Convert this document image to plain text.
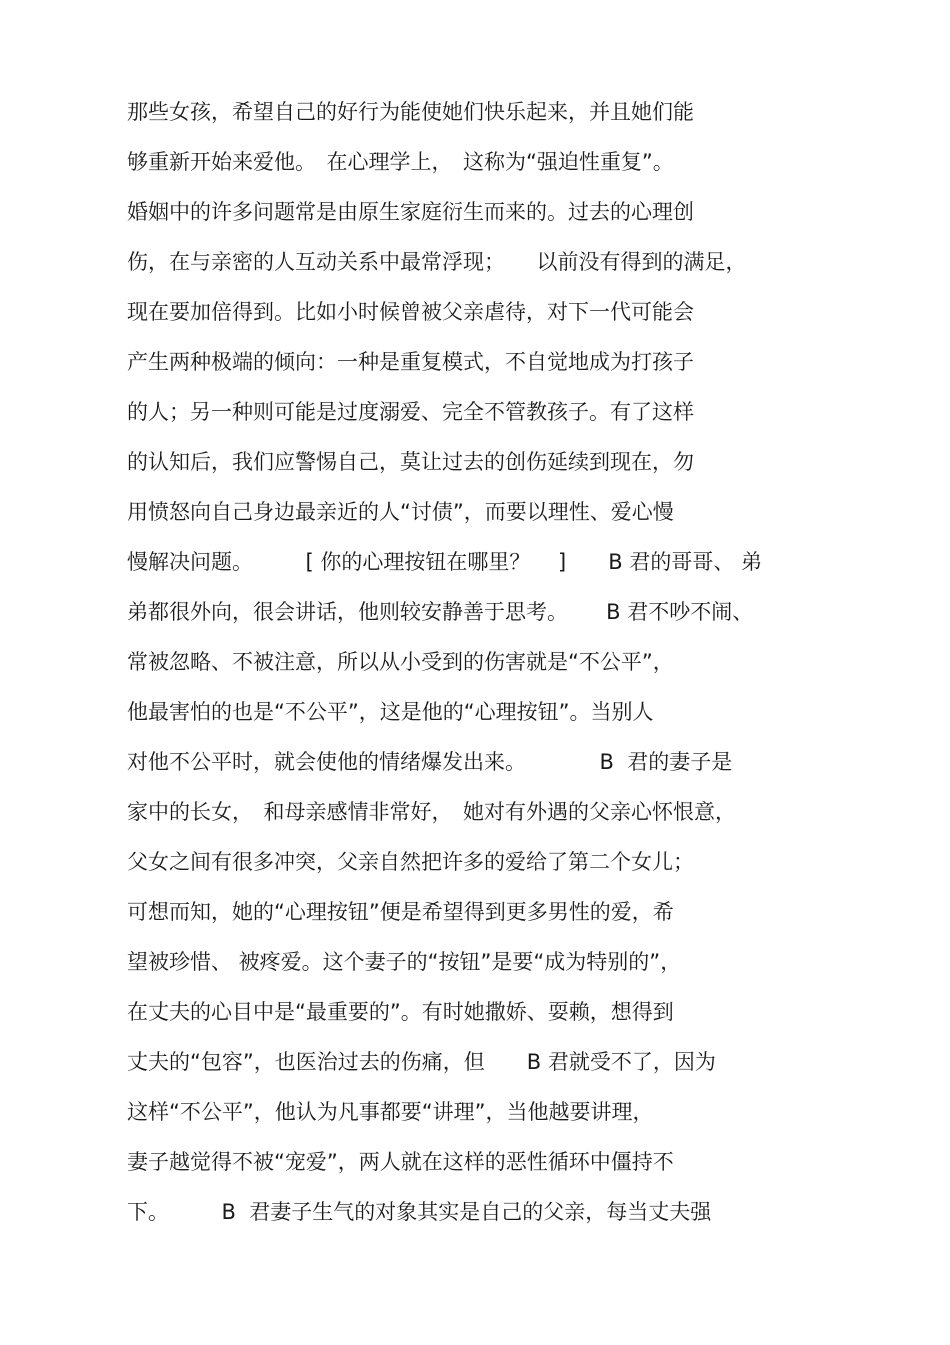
那些女孩，希望自己的好行为能使她们快乐起来，并且她们能
够重新开始来爱他。　在心理学上，　这称为“强迫性重复”。
婚姻中的许多问题常是由原生家庭衍生而来的。过去的心理创
伤，在与亲密的人互动关系中最常浮现；　　以前没有得到的满足，
现在要加倍得到。比如小时候曾被父亲虐待，对下一代可能会
产生两种极端的倾向：一种是重复模式，不自觉地成为打孩子
的人；另一种则可能是过度溺爱、完全不管教孩子。有了这样
的认知后，我们应警惕自己，莫让过去的创伤延续到现在，勿
用愤怒向自己身边最亲近的人“讨债”，而要以理性、爱心慢
慢解决问题。　　　[ 你的心理按钮在哪里？　 ]　　B 君的哥哥、 弟
弟都很外向，很会讲话，他则较安静善于思考。　　 B 君不吵不闹、
常被忽略、不被注意，所以从小受到的伤害就是“不公平”，
他最害怕的也是“不公平”，这是他的“心理按钮”。当别人
对他不公平时，就会使他的情绪爆发出来。　　　　B  君的妻子是
家中的长女，　和母亲感情非常好，　她对有外遇的父亲心怀恨意，
父女之间有很多冲突，父亲自然把许多的爱给了第二个女儿；
可想而知，她的“心理按钮”便是希望得到更多男性的爱，希
望被珍惜、 被疼爱。这个妻子的“按钮”是要“成为特别的”，
在丈夫的心目中是“最重要的”。有时她撒娇、耍赖，想得到
丈夫的“包容”，也医治过去的伤痛，但　　B 君就受不了，因为
这样“不公平”，他认为凡事都要“讲理”，当他越要讲理，
妻子越觉得不被“宠爱”，两人就在这样的恶性循环中僵持不
下。　　　B  君妻子生气的对象其实是自己的父亲，每当丈夫强
